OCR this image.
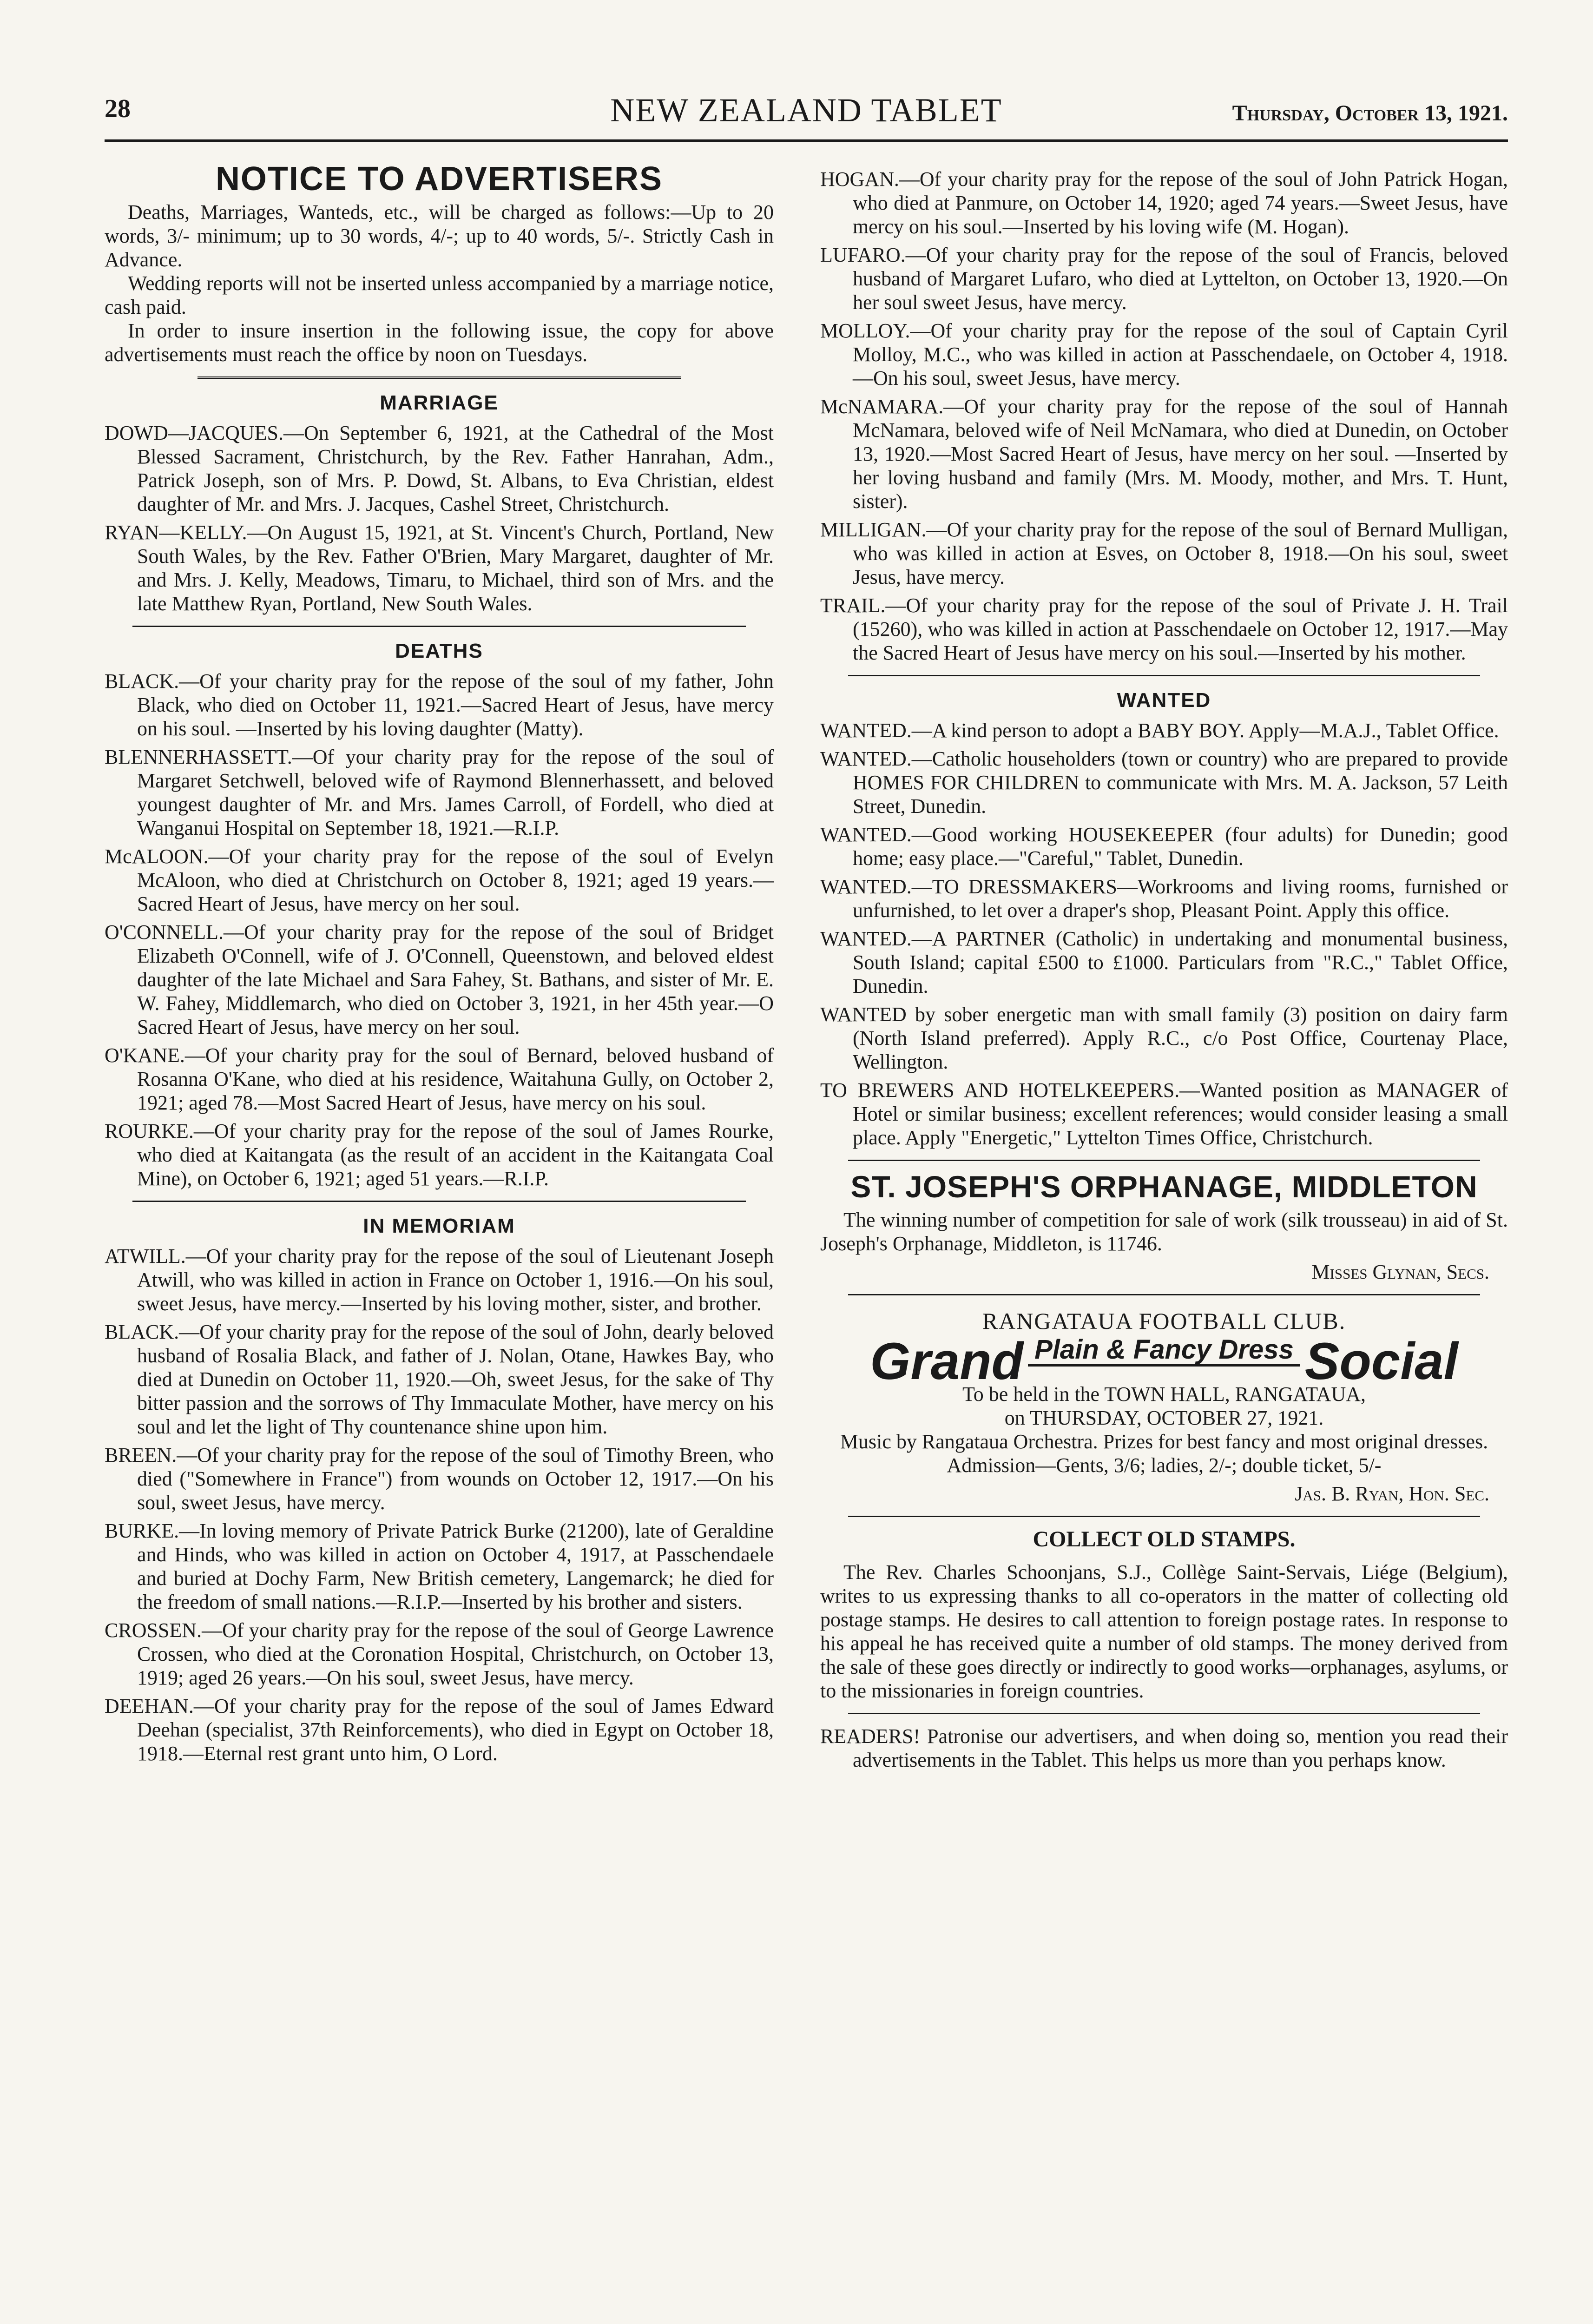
28	NEW ZEALAND TABLET	Thursday, October 13, 1921.
NOTICE TO ADVERTISERS

Deaths, Marriages, Wanteds, etc., will be charged as follows:—Up to 20 words, 3/- minimum; up to 30 words, 4/-; up to 40 words, 5/-. Strictly Cash in Advance.

Wedding reports will not be inserted unless accompanied by a marriage notice, cash paid.

In order to insure insertion in the following issue, the copy for above advertisements must reach the office by noon on Tuesdays.

MARRIAGE

DOWD—JACQUES.—On September 6, 1921, at the Cathedral of the Most Blessed Sacrament, Christchurch, by the Rev. Father Hanrahan, Adm., Patrick Joseph, son of Mrs. P. Dowd, St. Albans, to Eva Christian, eldest daughter of Mr. and Mrs. J. Jacques, Cashel Street, Christchurch.

RYAN—KELLY.—On August 15, 1921, at St. Vincent's Church, Portland, New South Wales, by the Rev. Father O'Brien, Mary Margaret, daughter of Mr. and Mrs. J. Kelly, Meadows, Timaru, to Michael, third son of Mrs. and the late Matthew Ryan, Portland, New South Wales.

DEATHS

BLACK.—Of your charity pray for the repose of the soul of my father, John Black, who died on October 11, 1921.—Sacred Heart of Jesus, have mercy on his soul. —Inserted by his loving daughter (Matty).

BLENNERHASSETT.—Of your charity pray for the repose of the soul of Margaret Setchwell, beloved wife of Raymond Blennerhassett, and beloved youngest daughter of Mr. and Mrs. James Carroll, of Fordell, who died at Wanganui Hospital on September 18, 1921.—R.I.P.

McALOON.—Of your charity pray for the repose of the soul of Evelyn McAloon, who died at Christchurch on October 8, 1921; aged 19 years.—Sacred Heart of Jesus, have mercy on her soul.

O'CONNELL.—Of your charity pray for the repose of the soul of Bridget Elizabeth O'Connell, wife of J. O'Connell, Queenstown, and beloved eldest daughter of the late Michael and Sara Fahey, St. Bathans, and sister of Mr. E. W. Fahey, Middlemarch, who died on October 3, 1921, in her 45th year.—O Sacred Heart of Jesus, have mercy on her soul.

O'KANE.—Of your charity pray for the soul of Bernard, beloved husband of Rosanna O'Kane, who died at his residence, Waitahuna Gully, on October 2, 1921; aged 78.—Most Sacred Heart of Jesus, have mercy on his soul.

ROURKE.—Of your charity pray for the repose of the soul of James Rourke, who died at Kaitangata (as the result of an accident in the Kaitangata Coal Mine), on October 6, 1921; aged 51 years.—R.I.P.

IN MEMORIAM

ATWILL.—Of your charity pray for the repose of the soul of Lieutenant Joseph Atwill, who was killed in action in France on October 1, 1916.—On his soul, sweet Jesus, have mercy.—Inserted by his loving mother, sister, and brother.

BLACK.—Of your charity pray for the repose of the soul of John, dearly beloved husband of Rosalia Black, and father of J. Nolan, Otane, Hawkes Bay, who died at Dunedin on October 11, 1920.—Oh, sweet Jesus, for the sake of Thy bitter passion and the sorrows of Thy Immaculate Mother, have mercy on his soul and let the light of Thy countenance shine upon him.

BREEN.—Of your charity pray for the repose of the soul of Timothy Breen, who died ("Somewhere in France") from wounds on October 12, 1917.—On his soul, sweet Jesus, have mercy.

BURKE.—In loving memory of Private Patrick Burke (21200), late of Geraldine and Hinds, who was killed in action on October 4, 1917, at Passchendaele and buried at Dochy Farm, New British cemetery, Langemarck; he died for the freedom of small nations.—R.I.P.—Inserted by his brother and sisters.

CROSSEN.—Of your charity pray for the repose of the soul of George Lawrence Crossen, who died at the Coronation Hospital, Christchurch, on October 13, 1919; aged 26 years.—On his soul, sweet Jesus, have mercy.

DEEHAN.—Of your charity pray for the repose of the soul of James Edward Deehan (specialist, 37th Reinforcements), who died in Egypt on October 18, 1918.—Eternal rest grant unto him, O Lord.

HOGAN.—Of your charity pray for the repose of the soul of John Patrick Hogan, who died at Panmure, on October 14, 1920; aged 74 years.—Sweet Jesus, have mercy on his soul.—Inserted by his loving wife (M. Hogan).

LUFARO.—Of your charity pray for the repose of the soul of Francis, beloved husband of Margaret Lufaro, who died at Lyttelton, on October 13, 1920.—On her soul sweet Jesus, have mercy.

MOLLOY.—Of your charity pray for the repose of the soul of Captain Cyril Molloy, M.C., who was killed in action at Passchendaele, on October 4, 1918.—On his soul, sweet Jesus, have mercy.

McNAMARA.—Of your charity pray for the repose of the soul of Hannah McNamara, beloved wife of Neil McNamara, who died at Dunedin, on October 13, 1920.—Most Sacred Heart of Jesus, have mercy on her soul. —Inserted by her loving husband and family (Mrs. M. Moody, mother, and Mrs. T. Hunt, sister).

MILLIGAN.—Of your charity pray for the repose of the soul of Bernard Mulligan, who was killed in action at Esves, on October 8, 1918.—On his soul, sweet Jesus, have mercy.

TRAIL.—Of your charity pray for the repose of the soul of Private J. H. Trail (15260), who was killed in action at Passchendaele on October 12, 1917.—May the Sacred Heart of Jesus have mercy on his soul.—Inserted by his mother.

WANTED

WANTED.—A kind person to adopt a BABY BOY. Apply—M.A.J., Tablet Office.

WANTED.—Catholic householders (town or country) who are prepared to provide HOMES FOR CHILDREN to communicate with Mrs. M. A. Jackson, 57 Leith Street, Dunedin.

WANTED.—Good working HOUSEKEEPER (four adults) for Dunedin; good home; easy place.—"Careful," Tablet, Dunedin.

WANTED.—TO DRESSMAKERS—Workrooms and living rooms, furnished or unfurnished, to let over a draper's shop, Pleasant Point. Apply this office.

WANTED.—A PARTNER (Catholic) in undertaking and monumental business, South Island; capital £500 to £1000. Particulars from "R.C.," Tablet Office, Dunedin.

WANTED by sober energetic man with small family (3) position on dairy farm (North Island preferred). Apply R.C., c/o Post Office, Courtenay Place, Wellington.

TO BREWERS AND HOTELKEEPERS.—Wanted position as MANAGER of Hotel or similar business; excellent references; would consider leasing a small place. Apply "Energetic," Lyttelton Times Office, Christchurch.

ST. JOSEPH'S ORPHANAGE, MIDDLETON

The winning number of competition for sale of work (silk trousseau) in aid of St. Joseph's Orphanage, Middleton, is 11746.

Misses Glynan, Secs.
RANGATAUA FOOTBALL CLUB.
Grand Plain & Fancy Dress Social
To be held in the TOWN HALL, RANGATAUA,
on THURSDAY, OCTOBER 27, 1921.
Music by Rangataua Orchestra. Prizes for best fancy and most original dresses.
Admission—Gents, 3/6; ladies, 2/-; double ticket, 5/-
Jas. B. Ryan, Hon. Sec.
COLLECT OLD STAMPS.

The Rev. Charles Schoonjans, S.J., Collège Saint-Servais, Liége (Belgium), writes to us expressing thanks to all co-operators in the matter of collecting old postage stamps. He desires to call attention to foreign postage rates. In response to his appeal he has received quite a number of old stamps. The money derived from the sale of these goes directly or indirectly to good works—orphanages, asylums, or to the missionaries in foreign countries.

READERS! Patronise our advertisers, and when doing so, mention you read their advertisements in the Tablet. This helps us more than you perhaps know.
